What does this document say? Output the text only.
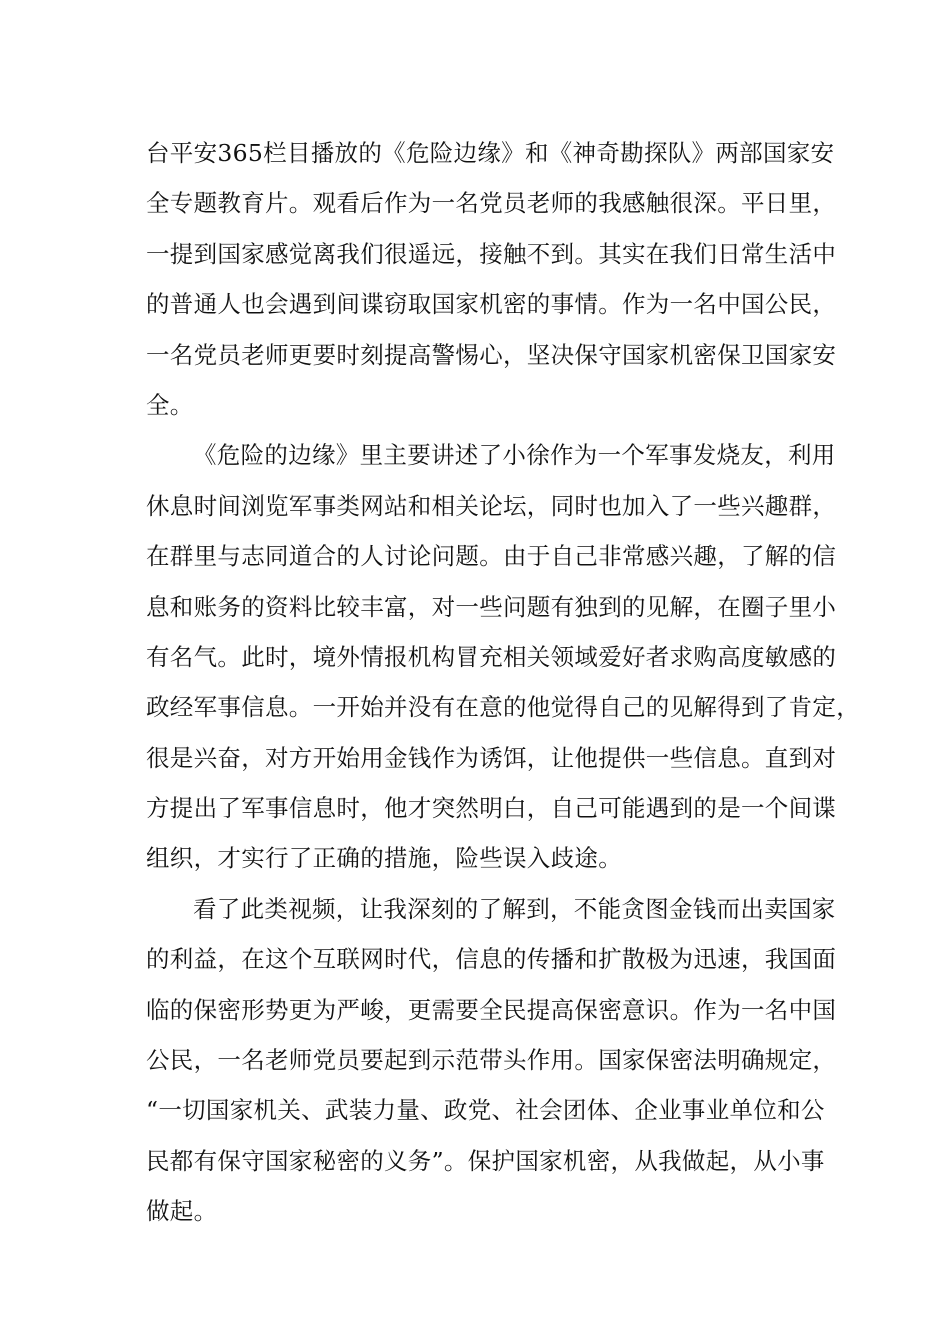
台平安365栏目播放的《危险边缘》和《神奇勘探队》两部国家安
全专题教育片。观看后作为一名党员老师的我感触很深。平日里，
一提到国家感觉离我们很遥远，接触不到。其实在我们日常生活中
的普通人也会遇到间谍窃取国家机密的事情。作为一名中国公民，
一名党员老师更要时刻提高警惕心，坚决保守国家机密保卫国家安
全。
《危险的边缘》里主要讲述了小徐作为一个军事发烧友，利用
休息时间浏览军事类网站和相关论坛，同时也加入了一些兴趣群，
在群里与志同道合的人讨论问题。由于自己非常感兴趣，了解的信
息和账务的资料比较丰富，对一些问题有独到的见解，在圈子里小
有名气。此时，境外情报机构冒充相关领域爱好者求购高度敏感的
政经军事信息。一开始并没有在意的他觉得自己的见解得到了肯定，
很是兴奋，对方开始用金钱作为诱饵，让他提供一些信息。直到对
方提出了军事信息时，他才突然明白，自己可能遇到的是一个间谍
组织，才实行了正确的措施，险些误入歧途。
看了此类视频，让我深刻的了解到，不能贪图金钱而出卖国家
的利益，在这个互联网时代，信息的传播和扩散极为迅速，我国面
临的保密形势更为严峻，更需要全民提高保密意识。作为一名中国
公民，一名老师党员要起到示范带头作用。国家保密法明确规定，
“一切国家机关、武装力量、政党、社会团体、企业事业单位和公
民都有保守国家秘密的义务”。保护国家机密，从我做起，从小事
做起。
